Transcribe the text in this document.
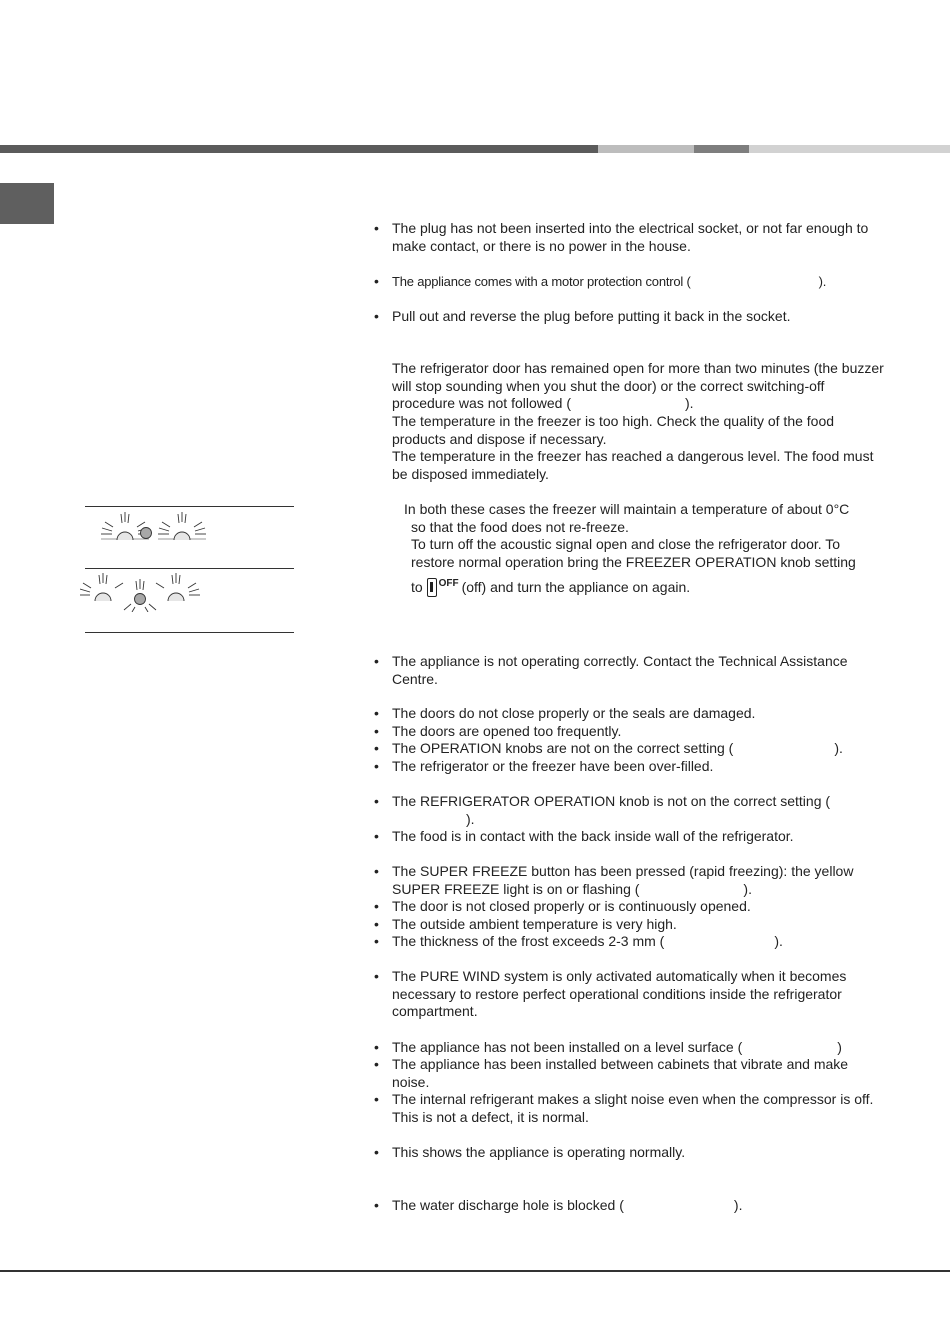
• The plug has not been inserted into the electrical socket, or not far enough to make contact, or there is no power in the house.
• The appliance comes with a motor protection control (	).
• Pull out and reverse the plug before putting it back in the socket.
The refrigerator door has remained open for more than two minutes (the buzzer will stop sounding when you shut the door) or the correct switching-off procedure was not followed (	).
The temperature in the freezer is too high. Check the quality of the food products and dispose if necessary.
The temperature in the freezer has reached a dangerous level. The food must be disposed immediately.
In both these cases the freezer will maintain a temperature of about 0°C
so that the food does not re-freeze.
To turn off the acoustic signal open and close the refrigerator door. To restore normal operation bring the FREEZER OPERATION knob setting
to $^{OFF}$ (off) and turn the appliance on again.
• The appliance is not operating correctly. Contact the Technical Assistance Centre.
• The doors do not close properly or the seals are damaged.
• The doors are opened too frequently.
• The OPERATION knobs are not on the correct setting (	).
• The refrigerator or the freezer have been over-filled.
• The REFRIGERATOR OPERATION knob is not on the correct setting (
).
• The food is in contact with the back inside wall of the refrigerator.
• The SUPER FREEZE button has been pressed (rapid freezing): the yellow SUPER FREEZE light is on or flashing (	).
• The door is not closed properly or is continuously opened.
• The outside ambient temperature is very high.
• The thickness of the frost exceeds 2-3 mm (	).
• The PURE WIND system is only activated automatically when it becomes necessary to restore perfect operational conditions inside the refrigerator compartment.
• The appliance has not been installed on a level surface (	)
• The appliance has been installed between cabinets that vibrate and make noise.
• The internal refrigerant makes a slight noise even when the compressor is off. This is not a defect, it is normal.
• This shows the appliance is operating normally.
• The water discharge hole is blocked (	).
